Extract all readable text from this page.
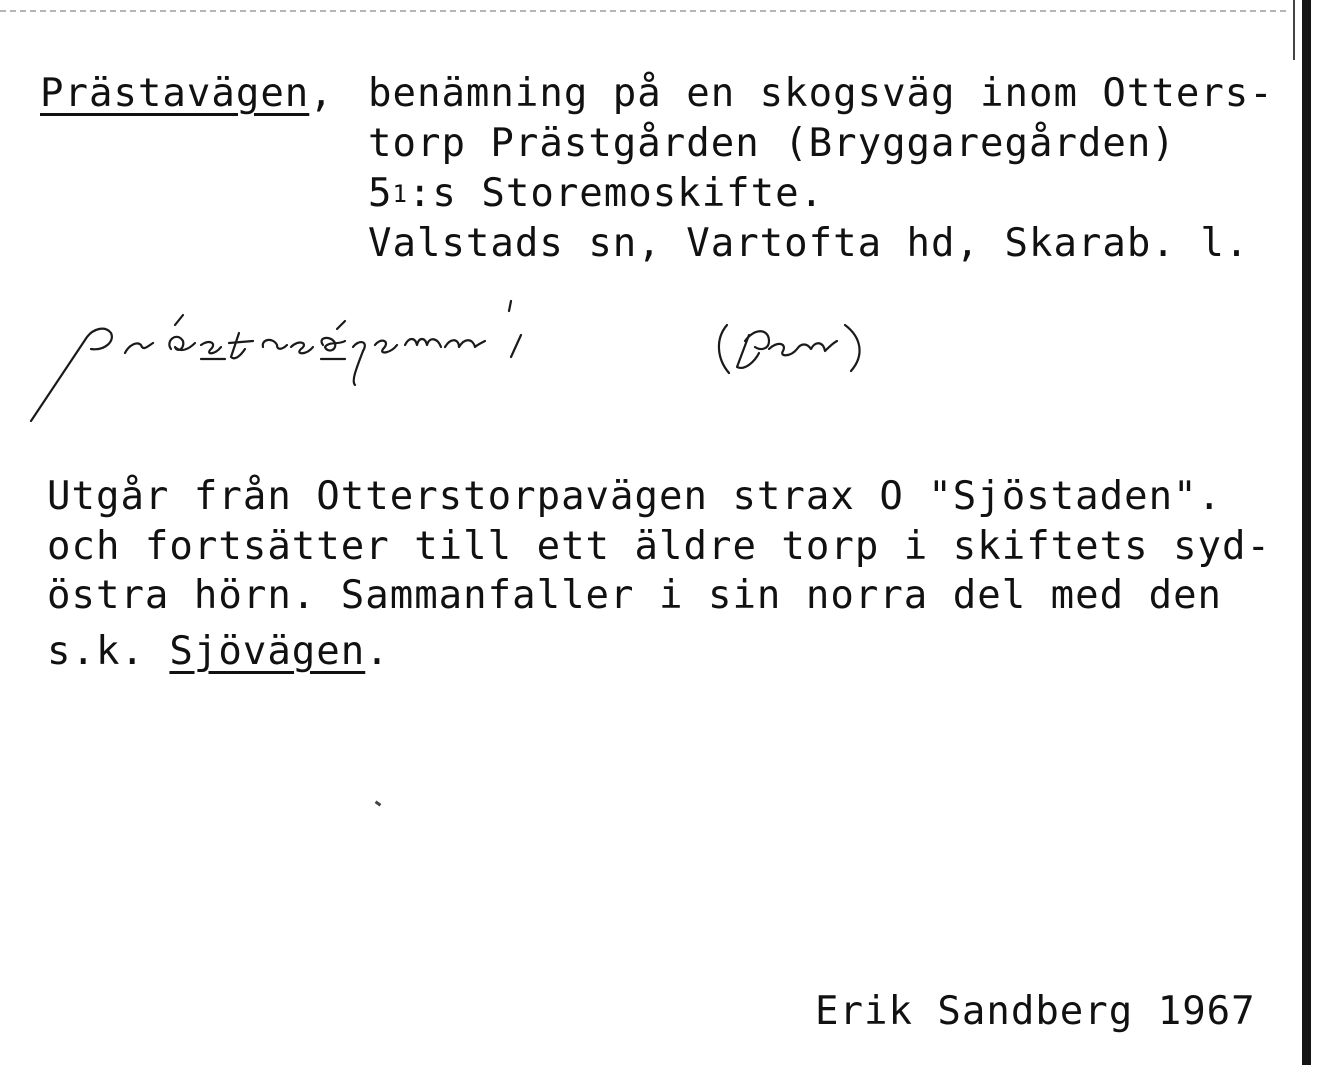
Prästavägen, benämning på en skogsväg inom Otters-
torp Prästgården (Bryggaregården)
$5^1:s$ Storemoskifte.
Valstads sn, Vartofta hd, Skarab. l.
Utgår från Otterstorpavägen strax O "Sjöstaden".
och fortsätter till ett äldre torp i skiftets syd-
östra hörn. Sammanfaller i sin norra del med den
s.k. Sjövägen.
Erik Sandberg 1967
